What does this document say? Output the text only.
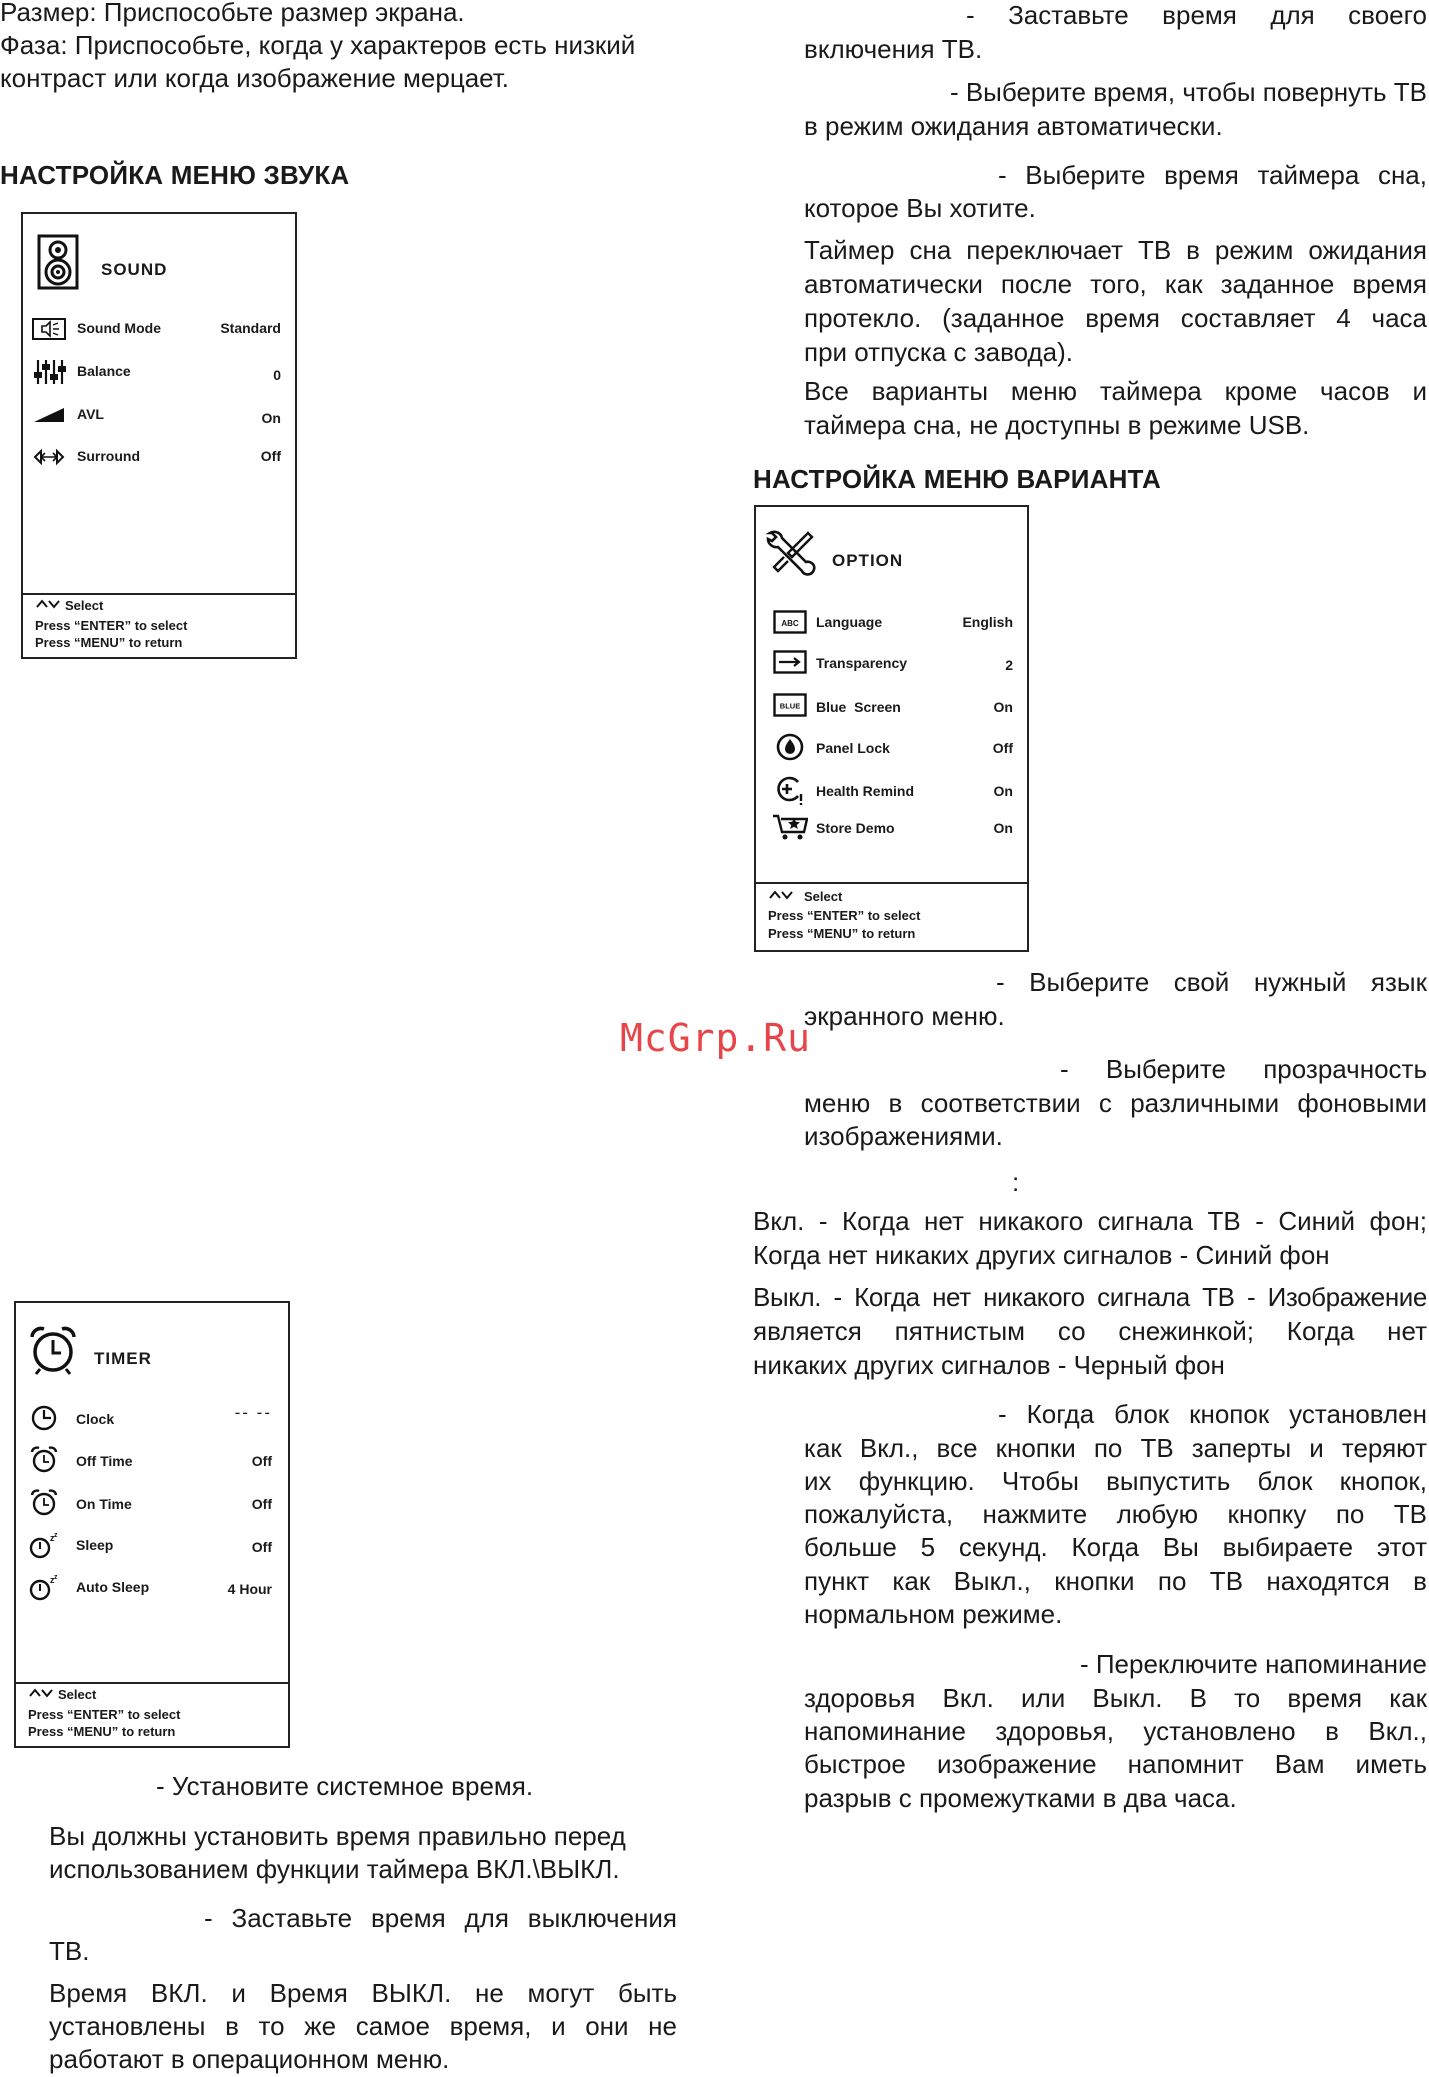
Размер: Приспособьте размер экрана.

Фаза: Приспособьте, когда у характеров есть низкий

контраст или когда изображение мерцает.

НАСТРОЙКА МЕНЮ ЗВУКА
SOUND
Sound Mode	Standard
Balance	0
AVL	On
Surround	Off
Select
Press “ENTER” to select
Press “MENU” to return
TIMER
Clock	-- --
Off Time	Off
On Time	Off
z z
Sleep	Off
z z
Auto Sleep	4 Hour
Select
Press “ENTER” to select
Press “MENU” to return

- Установите системное время.

Вы должны установить время правильно перед

использованием функции таймера ВКЛ.\ВЫКЛ.

- Заставьте время для выключения

ТВ.

Время ВКЛ. и Время ВЫКЛ. не могут быть

установлены в то же самое время, и они не

работают в операционном меню.

- Заставьте время для своего

включения ТВ.

- Выберите время, чтобы повернуть ТВ

в режим ожидания автоматически.

- Выберите время таймера сна,

которое Вы хотите.

Таймер сна переключает ТВ в режим ожидания

автоматически после того, как заданное время

протекло. (заданное время составляет 4 часа

при отпуска с завода).

Все варианты меню таймера кроме часов и

таймера сна, не доступны в режиме USB.

НАСТРОЙКА МЕНЮ ВАРИАНТА
OPTION
ABC Language	English
Transparency	2
BLUE Blue  Screen	On
Panel Lock	Off
Health Remind	On
Store Demo	On
Select
Press “ENTER” to select
Press “MENU” to return
McGrp.Ru

- Выберите свой нужный язык

экранного меню.

- Выберите прозрачность

меню в соответствии с различными фоновыми

изображениями.

:

Вкл. - Когда нет никакого сигнала ТВ - Синий фон;

Когда нет никаких других сигналов - Синий фон

Выкл. - Когда нет никакого сигнала ТВ - Изображение

является пятнистым со снежинкой; Когда нет

никаких других сигналов - Черный фон

- Когда блок кнопок установлен

как Вкл., все кнопки по ТВ заперты и теряют

их функцию. Чтобы выпустить блок кнопок,

пожалуйста, нажмите любую кнопку по ТВ

больше 5 секунд. Когда Вы выбираете этот

пункт как Выкл., кнопки по ТВ находятся в

нормальном режиме.

- Переключите напоминание

здоровья Вкл. или Выкл. В то время как

напоминание здоровья, установлено в Вкл.,

быстрое изображение напомнит Вам иметь

разрыв с промежутками в два часа.
